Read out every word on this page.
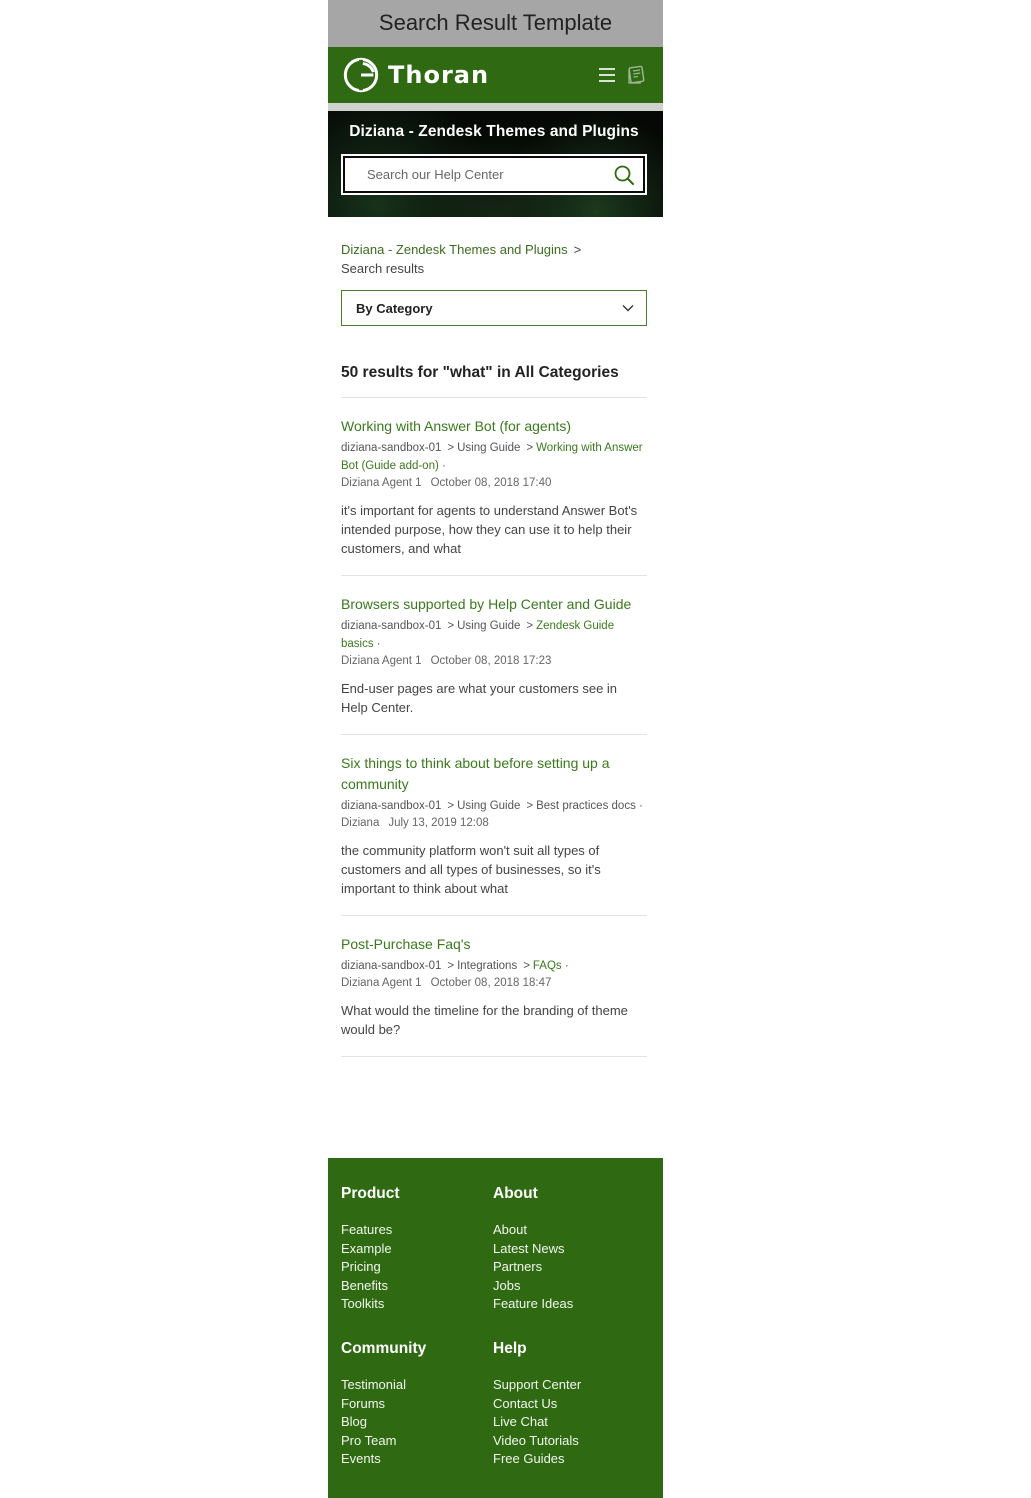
Search Result Template
Thoran
Diziana - Zendesk Themes and Plugins
Search our Help Center
Diziana - Zendesk Themes and Plugins >
Search results
By Category
50 results for "what" in All Categories
Working with Answer Bot (for agents)
diziana-sandbox-01 > Using Guide > Working with Answer Bot (Guide add-on) ·
Diziana Agent 1 October 08, 2018 17:40
it's important for agents to understand Answer Bot's intended purpose, how they can use it to help their customers, and what
Browsers supported by Help Center and Guide
diziana-sandbox-01 > Using Guide > Zendesk Guide basics ·
Diziana Agent 1 October 08, 2018 17:23
End-user pages are what your customers see in Help Center.
Six things to think about before setting up a community
diziana-sandbox-01 > Using Guide > Best practices docs ·
Diziana July 13, 2019 12:08
the community platform won't suit all types of customers and all types of businesses, so it's important to think about what
Post-Purchase Faq's
diziana-sandbox-01 > Integrations > FAQs ·
Diziana Agent 1 October 08, 2018 18:47
What would the timeline for the branding of theme would be?
Product
Features
Example
Pricing
Benefits
Toolkits
About
About
Latest News
Partners
Jobs
Feature Ideas
Community
Testimonial
Forums
Blog
Pro Team
Events
Help
Support Center
Contact Us
Live Chat
Video Tutorials
Free Guides
